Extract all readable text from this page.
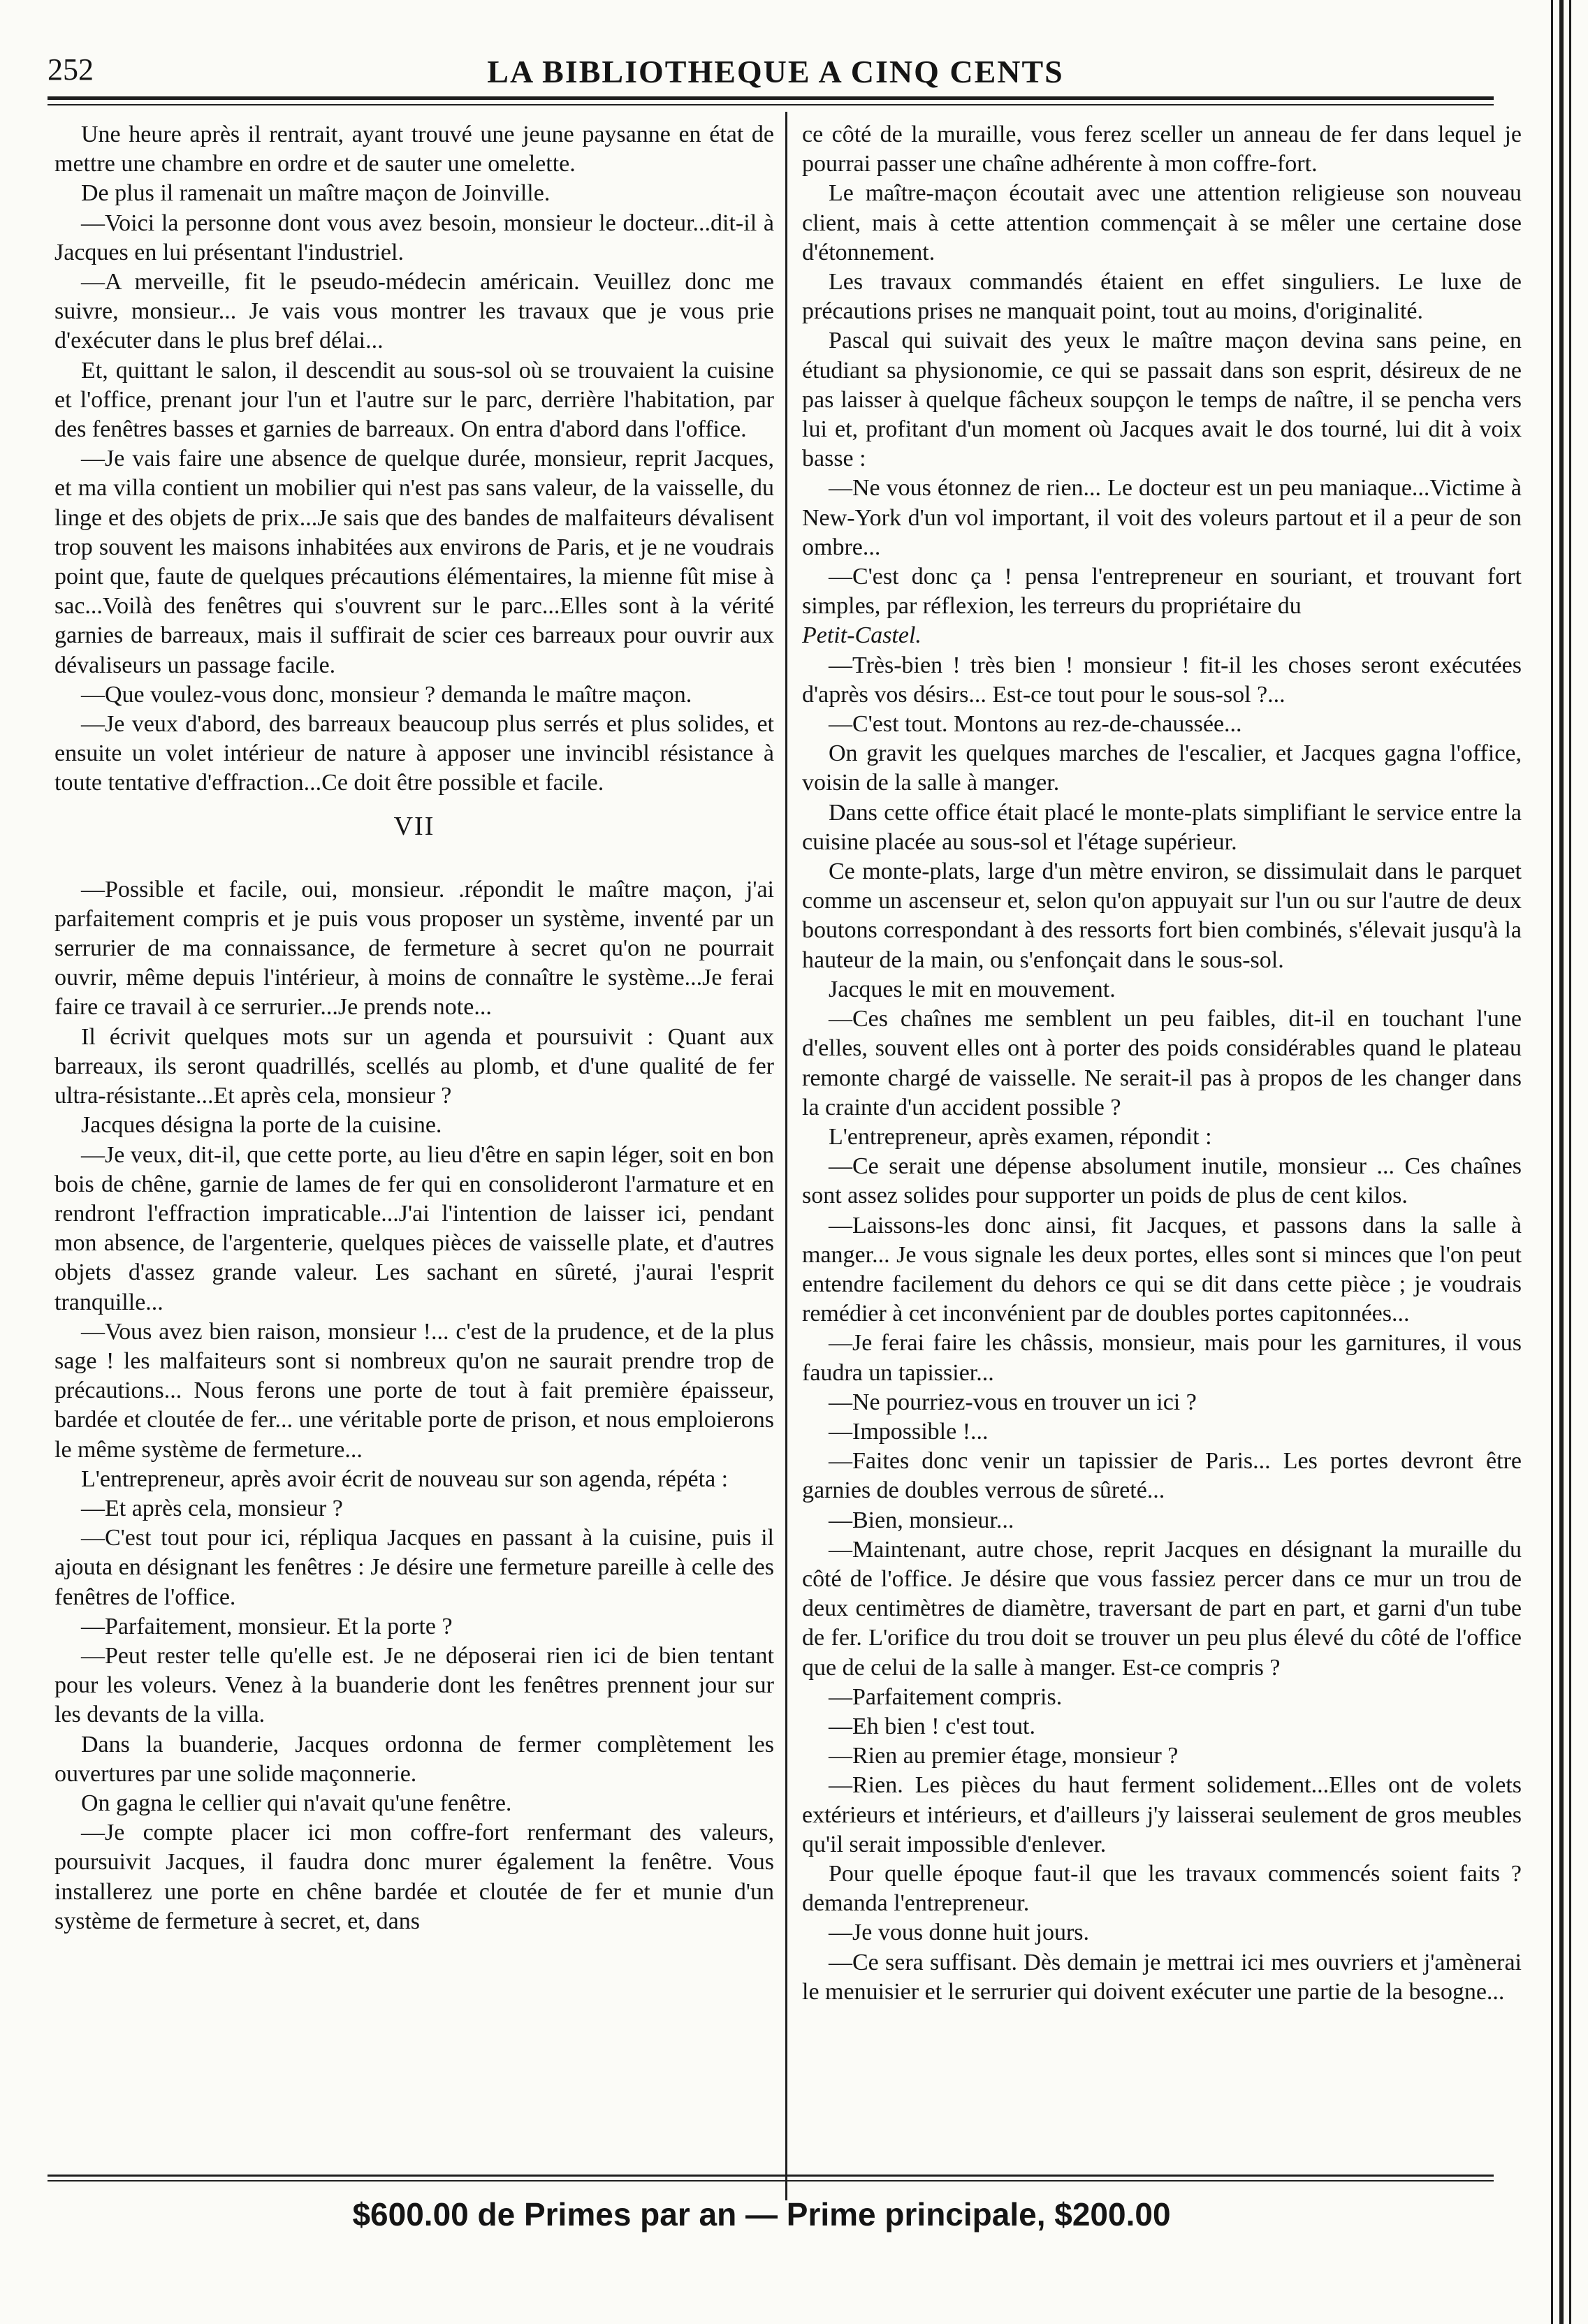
252	LA BIBLIOTHEQUE A CINQ CENTS

Une heure après il rentrait, ayant trouvé une jeune paysanne en état de mettre une chambre en ordre et de sauter une omelette.

De plus il ramenait un maître maçon de Joinville.

—Voici la personne dont vous avez besoin, monsieur le docteur...dit-il à Jacques en lui présentant l'industriel.

—A merveille, fit le pseudo-médecin américain. Veuillez donc me suivre, monsieur... Je vais vous montrer les travaux que je vous prie d'exécuter dans le plus bref délai...

Et, quittant le salon, il descendit au sous-sol où se trouvaient la cuisine et l'office, prenant jour l'un et l'autre sur le parc, derrière l'habitation, par des fenêtres basses et garnies de barreaux. On entra d'abord dans l'office.

—Je vais faire une absence de quelque durée, monsieur, reprit Jacques, et ma villa contient un mobilier qui n'est pas sans valeur, de la vaisselle, du linge et des objets de prix...Je sais que des bandes de malfaiteurs dévalisent trop souvent les maisons inhabitées aux environs de Paris, et je ne voudrais point que, faute de quelques précautions élémentaires, la mienne fût mise à sac...Voilà des fenêtres qui s'ouvrent sur le parc...Elles sont à la vérité garnies de barreaux, mais il suffirait de scier ces barreaux pour ouvrir aux dévaliseurs un passage facile.

—Que voulez-vous donc, monsieur ? demanda le maître maçon.

—Je veux d'abord, des barreaux beaucoup plus serrés et plus solides, et ensuite un volet intérieur de nature à apposer une invincibl résistance à toute tentative d'effraction...Ce doit être possible et facile.

VII

—Possible et facile, oui, monsieur. .répondit le maître maçon, j'ai parfaitement compris et je puis vous proposer un système, inventé par un serrurier de ma connaissance, de fermeture à secret qu'on ne pourrait ouvrir, même depuis l'intérieur, à moins de connaître le système...Je ferai faire ce travail à ce serrurier...Je prends note...

Il écrivit quelques mots sur un agenda et poursuivit : Quant aux barreaux, ils seront quadrillés, scellés au plomb, et d'une qualité de fer ultra-résistante...Et après cela, monsieur ?

Jacques désigna la porte de la cuisine.

—Je veux, dit-il, que cette porte, au lieu d'être en sapin léger, soit en bon bois de chêne, garnie de lames de fer qui en consolideront l'armature et en rendront l'effraction impraticable...J'ai l'intention de laisser ici, pendant mon absence, de l'argenterie, quelques pièces de vaisselle plate, et d'autres objets d'assez grande valeur. Les sachant en sûreté, j'aurai l'esprit tranquille...

—Vous avez bien raison, monsieur !... c'est de la prudence, et de la plus sage ! les malfaiteurs sont si nombreux qu'on ne saurait prendre trop de précautions... Nous ferons une porte de tout à fait première épaisseur, bardée et cloutée de fer... une véritable porte de prison, et nous emploierons le même système de fermeture...

L'entrepreneur, après avoir écrit de nouveau sur son agenda, répéta :

—Et après cela, monsieur ?

—C'est tout pour ici, répliqua Jacques en passant à la cuisine, puis il ajouta en désignant les fenêtres : Je désire une fermeture pareille à celle des fenêtres de l'office.

—Parfaitement, monsieur. Et la porte ?

—Peut rester telle qu'elle est. Je ne déposerai rien ici de bien tentant pour les voleurs. Venez à la buanderie dont les fenêtres prennent jour sur les devants de la villa.

Dans la buanderie, Jacques ordonna de fermer complètement les ouvertures par une solide maçonnerie.

On gagna le cellier qui n'avait qu'une fenêtre.

—Je compte placer ici mon coffre-fort renfermant des valeurs, poursuivit Jacques, il faudra donc murer également la fenêtre. Vous installerez une porte en chêne bardée et cloutée de fer et munie d'un système de fermeture à secret, et, dans

ce côté de la muraille, vous ferez sceller un anneau de fer dans lequel je pourrai passer une chaîne adhérente à mon coffre-fort.

Le maître-maçon écoutait avec une attention religieuse son nouveau client, mais à cette attention commençait à se mêler une certaine dose d'étonnement.

Les travaux commandés étaient en effet singuliers. Le luxe de précautions prises ne manquait point, tout au moins, d'originalité.

Pascal qui suivait des yeux le maître maçon devina sans peine, en étudiant sa physionomie, ce qui se passait dans son esprit, désireux de ne pas laisser à quelque fâcheux soupçon le temps de naître, il se pencha vers lui et, profitant d'un moment où Jacques avait le dos tourné, lui dit à voix basse :

—Ne vous étonnez de rien... Le docteur est un peu maniaque...Victime à New-York d'un vol important, il voit des voleurs partout et il a peur de son ombre...

—C'est donc ça ! pensa l'entrepreneur en souriant, et trouvant fort simples, par réflexion, les terreurs du propriétaire du

Petit-Castel.

—Très-bien ! très bien ! monsieur ! fit-il les choses seront exécutées d'après vos désirs... Est-ce tout pour le sous-sol ?...

—C'est tout. Montons au rez-de-chaussée...

On gravit les quelques marches de l'escalier, et Jacques gagna l'office, voisin de la salle à manger.

Dans cette office était placé le monte-plats simplifiant le service entre la cuisine placée au sous-sol et l'étage supérieur.

Ce monte-plats, large d'un mètre environ, se dissimulait dans le parquet comme un ascenseur et, selon qu'on appuyait sur l'un ou sur l'autre de deux boutons correspondant à des ressorts fort bien combinés, s'élevait jusqu'à la hauteur de la main, ou s'enfonçait dans le sous-sol.

Jacques le mit en mouvement.

—Ces chaînes me semblent un peu faibles, dit-il en touchant l'une d'elles, souvent elles ont à porter des poids considérables quand le plateau remonte chargé de vaisselle. Ne serait-il pas à propos de les changer dans la crainte d'un accident possible ?

L'entrepreneur, après examen, répondit :

—Ce serait une dépense absolument inutile, monsieur ... Ces chaînes sont assez solides pour supporter un poids de plus de cent kilos.

—Laissons-les donc ainsi, fit Jacques, et passons dans la salle à manger... Je vous signale les deux portes, elles sont si minces que l'on peut entendre facilement du dehors ce qui se dit dans cette pièce ; je voudrais remédier à cet inconvénient par de doubles portes capitonnées...

—Je ferai faire les châssis, monsieur, mais pour les garnitures, il vous faudra un tapissier...

—Ne pourriez-vous en trouver un ici ?

—Impossible !...

—Faites donc venir un tapissier de Paris... Les portes devront être garnies de doubles verrous de sûreté...

—Bien, monsieur...

—Maintenant, autre chose, reprit Jacques en désignant la muraille du côté de l'office. Je désire que vous fassiez percer dans ce mur un trou de deux centimètres de diamètre, traversant de part en part, et garni d'un tube de fer. L'orifice du trou doit se trouver un peu plus élevé du côté de l'office que de celui de la salle à manger. Est-ce compris ?

—Parfaitement compris.

—Eh bien ! c'est tout.

—Rien au premier étage, monsieur ?

—Rien. Les pièces du haut ferment solidement...Elles ont de volets extérieurs et intérieurs, et d'ailleurs j'y laisserai seulement de gros meubles qu'il serait impossible d'enlever.

Pour quelle époque faut-il que les travaux commencés soient faits ? demanda l'entrepreneur.

—Je vous donne huit jours.

—Ce sera suffisant. Dès demain je mettrai ici mes ouvriers et j'amènerai le menuisier et le serrurier qui doivent exécuter une partie de la besogne...

$600.00 de Primes par an — Prime principale, $200.00
